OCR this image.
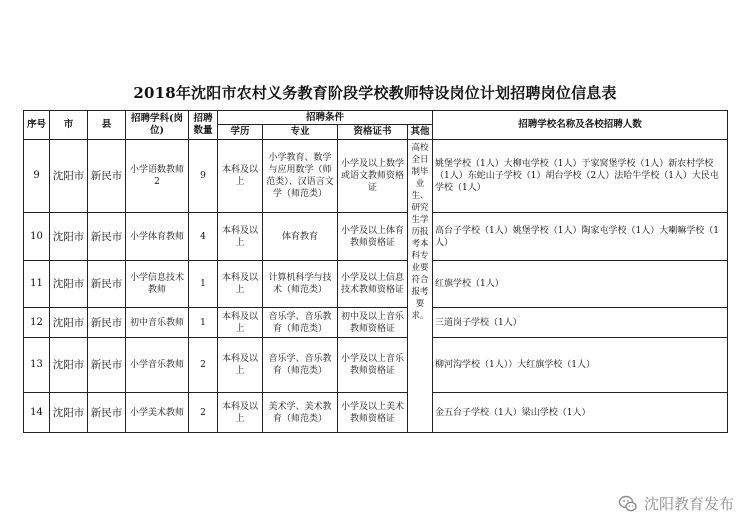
2018年沈阳市农村义务教育阶段学校教师特设岗位计划招聘岗位信息表
序号	市	县	招聘学科(岗位)	招聘数量	招聘条件				招聘学校名称及各校招聘人数
					学历	专业	资格证书	其他	
9	沈阳市	新民市	小学语数教师2	9	本科及以上	小学教育、数学与应用数学（师范类）、汉语言文学（师范类）	小学及以上数学或语文教师资格证	高校全日制毕业生、研究生学历报考本科专业要符合报考要求。	姚堡学校（1人）大柳屯学校（1人）于家窝堡学校（1人）新农村学校（1人）东蛇山子学校（1）胡台学校（2人）法哈牛学校（1人）大民屯学校（1人）
10	沈阳市	新民市	小学体育教师	4	本科及以上	体育教育	小学及以上体育教师资格证		高台子学校（1人）姚堡学校（1人）陶家屯学校（1人）大喇嘛学校（1人）
11	沈阳市	新民市	小学信息技术教师	1	本科及以上	计算机科学与技术（师范类）	小学及以上信息技术教师资格证		红旗学校（1人）
12	沈阳市	新民市	初中音乐教师	1	本科及以上	音乐学、音乐教育（师范类）	初中及以上音乐教师资格证		三道岗子学校（1人）
13	沈阳市	新民市	小学音乐教师	2	本科及以上	音乐学、音乐教育（师范类）	小学及以上音乐教师资格证		柳河沟学校（1人））大红旗学校（1人）
14	沈阳市	新民市	小学美术教师	2	本科及以上	美术学、美术教育（师范类）	小学及以上美术教师资格证		金五台子学校（1人）梁山学校（1人）
沈阳教育发布
